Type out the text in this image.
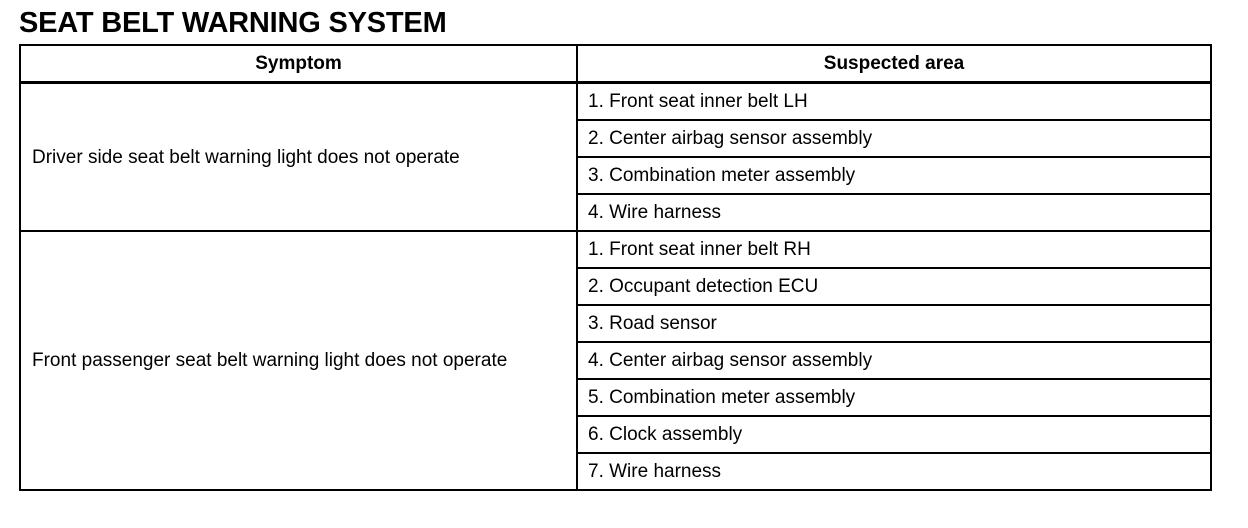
SEAT BELT WARNING SYSTEM
Symptom	Suspected area
Driver side seat belt warning light does not operate	1. Front seat inner belt LH
	2. Center airbag sensor assembly
	3. Combination meter assembly
	4. Wire harness
Front passenger seat belt warning light does not operate	1. Front seat inner belt RH
	2. Occupant detection ECU
	3. Road sensor
	4. Center airbag sensor assembly
	5. Combination meter assembly
	6. Clock assembly
	7. Wire harness
